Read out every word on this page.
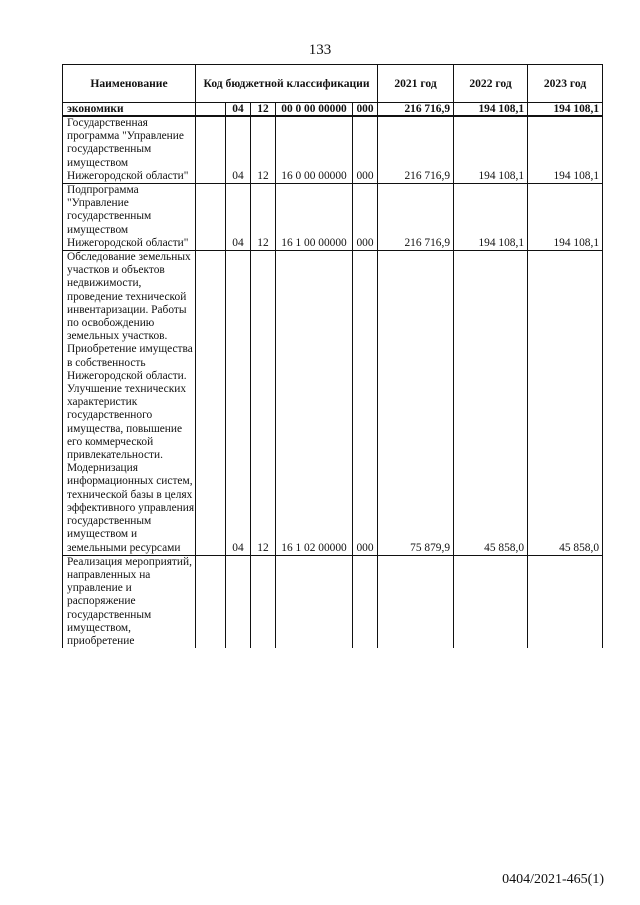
133
Наименование	Код бюджетной классификации					2021 год	2022 год	2023 год
экономики		04	12	00 0 00 00000	000	216 716,9	194 108,1	194 108,1
Государственная программа "Управление государственным имуществом Нижегородской области"		04	12	16 0 00 00000	000	216 716,9	194 108,1	194 108,1
Подпрограмма "Управление государственным имуществом Нижегородской области"		04	12	16 1 00 00000	000	216 716,9	194 108,1	194 108,1
Обследование земельных участков и объектов недвижимости, проведение технической инвентаризации. Работы по освобождению земельных участков. Приобретение имущества в собственность Нижегородской области. Улучшение технических характеристик государственного имущества, повышение его коммерческой привлекательности. Модернизация информационных систем, технической базы в целях эффективного управления государственным имуществом и земельными ресурсами		04	12	16 1 02 00000	000	75 879,9	45 858,0	45 858,0
Реализация мероприятий, направленных на управление и распоряжение государственным имуществом, приобретение								
0404/2021-465(1)
